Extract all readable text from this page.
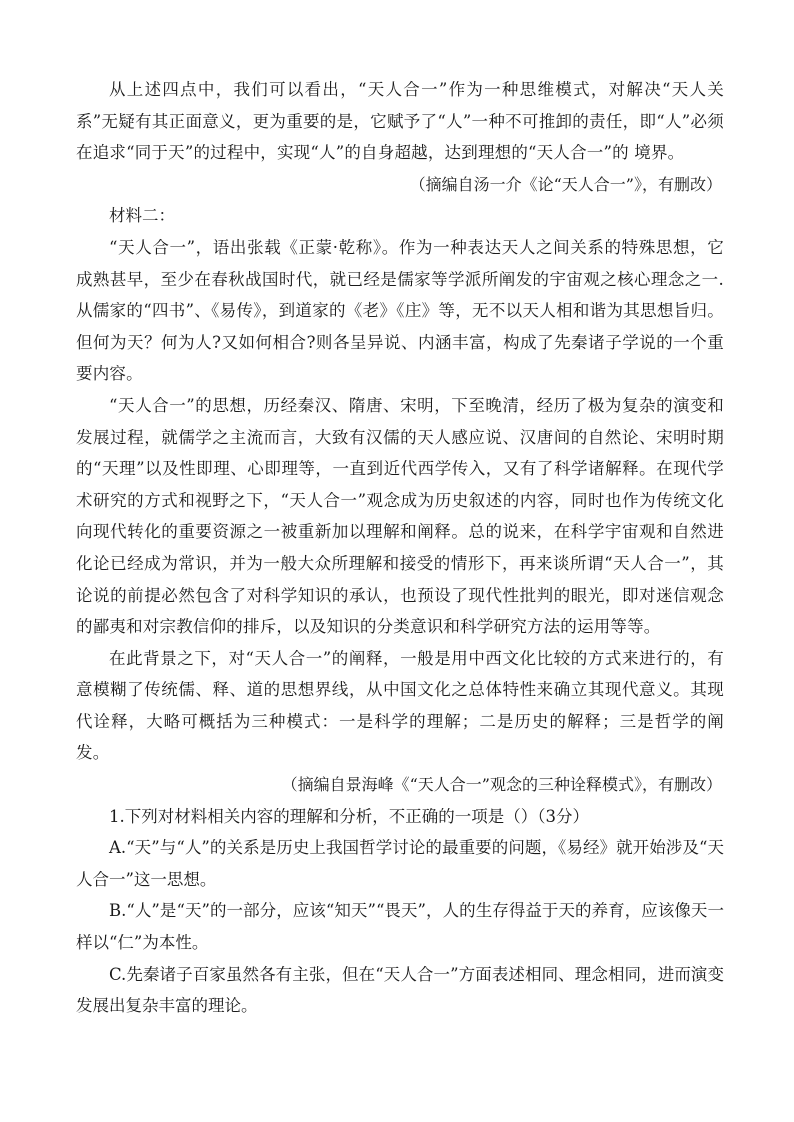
从上述四点中，我们可以看出，“天人合一”作为一种思维模式，对解决“天人关系”无疑有其正面意义，更为重要的是，它赋予了“人”一种不可推卸的责任，即“人”必须在追求“同于天”的过程中，实现“人”的自身超越，达到理想的“天人合一”的 境界。

（摘编自汤一介《论“天人合一”》，有删改）

材料二：

“天人合一”，语出张载《正蒙·乾称》。作为一种表达天人之间关系的特殊思想，它成熟甚早，至少在春秋战国时代，就已经是儒家等学派所阐发的宇宙观之核心理念之一.从儒家的“四书”、《易传》，到道家的《老》《庄》等，无不以天人相和谐为其思想旨归。但何为天？何为人?又如何相合?则各呈异说、内涵丰富，构成了先秦诸子学说的一个重要内容。

“天人合一”的思想，历经秦汉、隋唐、宋明，下至晚清，经历了极为复杂的演变和发展过程，就儒学之主流而言，大致有汉儒的天人感应说、汉唐间的自然论、宋明时期的“天理”以及性即理、心即理等，一直到近代西学传入，又有了科学诸解释。在现代学术研究的方式和视野之下，“天人合一”观念成为历史叙述的内容，同时也作为传统文化向现代转化的重要资源之一被重新加以理解和阐释。总的说来，在科学宇宙观和自然进化论已经成为常识，并为一般大众所理解和接受的情形下，再来谈所谓“天人合一”，其论说的前提必然包含了对科学知识的承认，也预设了现代性批判的眼光，即对迷信观念的鄙夷和对宗教信仰的排斥，以及知识的分类意识和科学研究方法的运用等等。

在此背景之下，对“天人合一”的阐释，一般是用中西文化比较的方式来进行的，有意模糊了传统儒、释、道的思想界线，从中国文化之总体特性来确立其现代意义。其现代诠释，大略可概括为三种模式：一是科学的理解；二是历史的解释；三是哲学的阐发。

（摘编自景海峰《“天人合一”观念的三种诠释模式》，有删改）

1.下列对材料相关内容的理解和分析，不正确的一项是（）（3分）

A.“天”与“人”的关系是历史上我国哲学讨论的最重要的问题，《易经》就开始涉及“天人合一”这一思想。

B.“人”是“天”的一部分，应该“知天”“畏天”，人的生存得益于天的养育，应该像天一样以“仁”为本性。

C.先秦诸子百家虽然各有主张，但在“天人合一”方面表述相同、理念相同，进而演变发展出复杂丰富的理论。
